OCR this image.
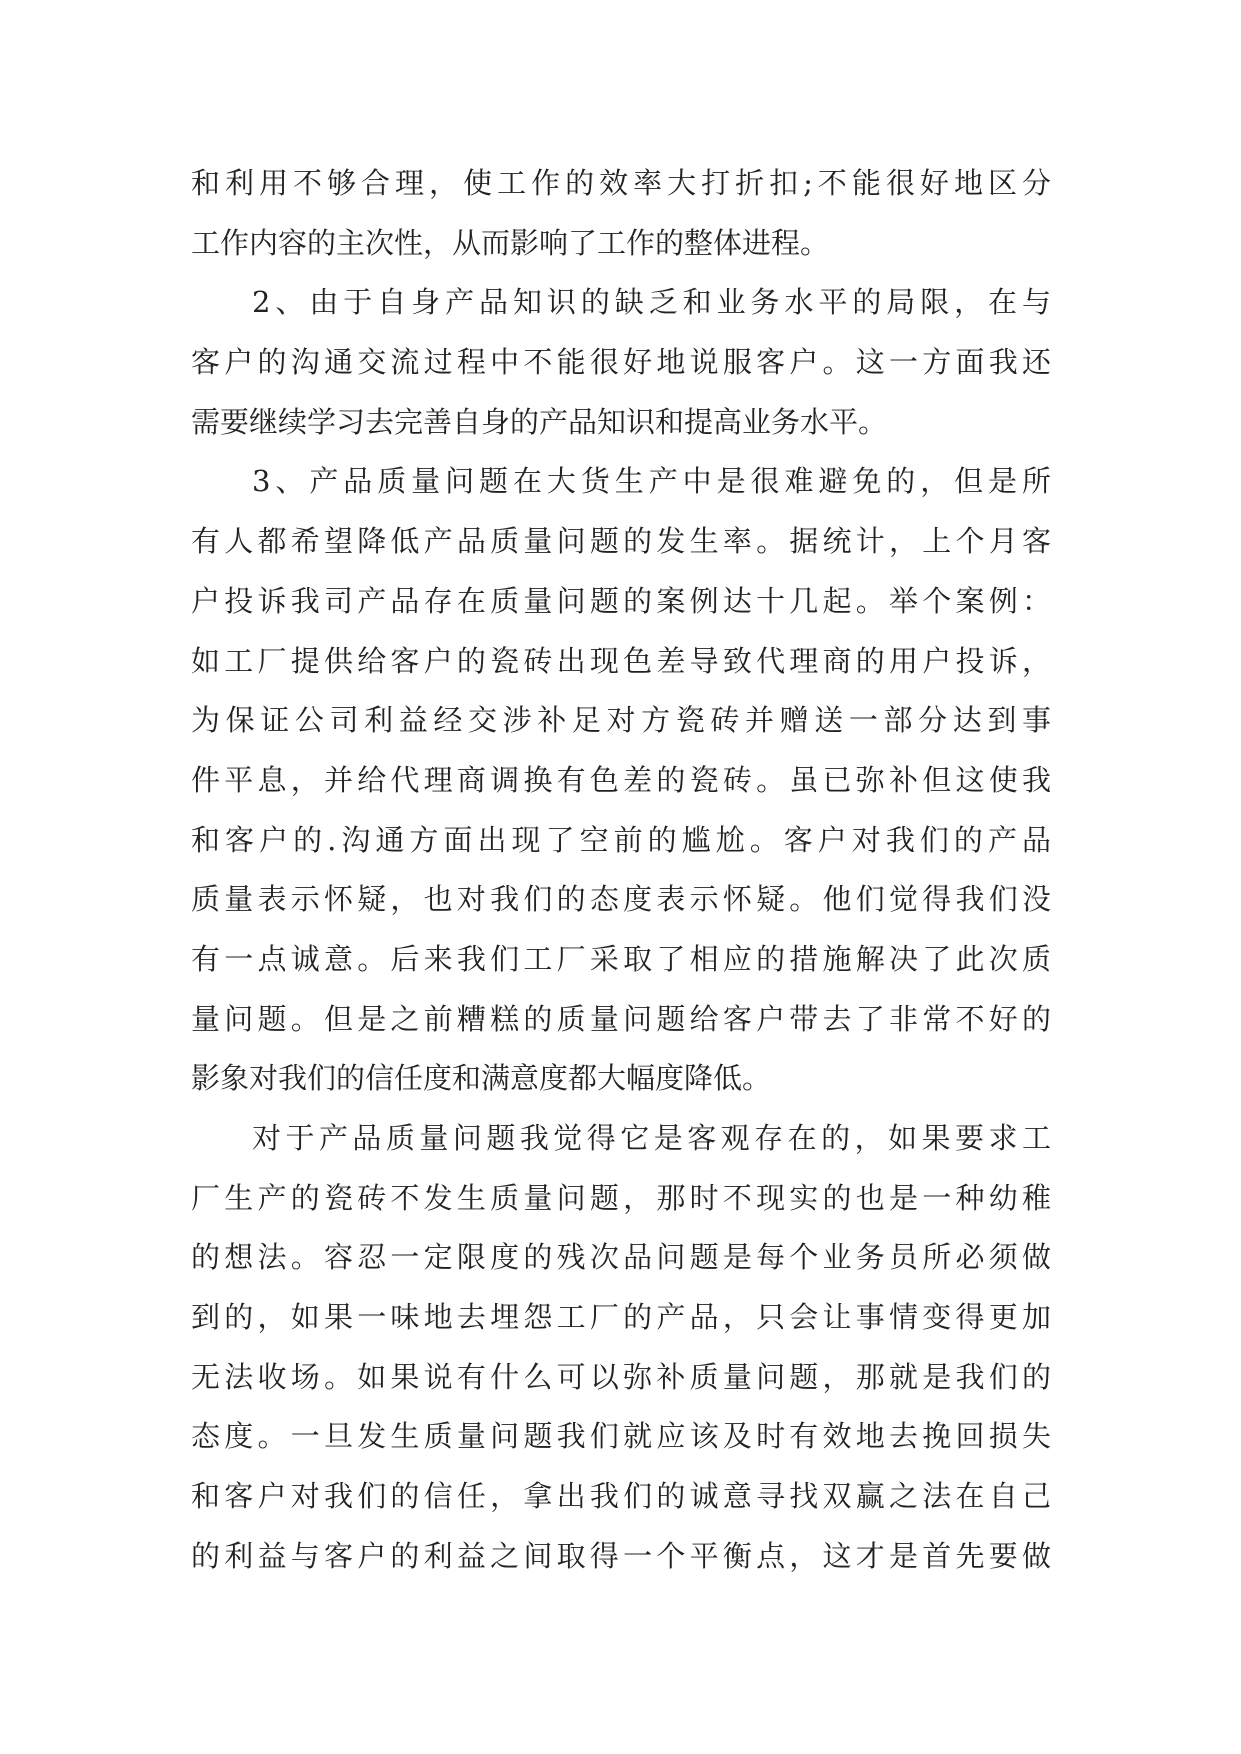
和利用不够合理，使工作的效率大打折扣;不能很好地区分
工作内容的主次性，从而影响了工作的整体进程。
2、由于自身产品知识的缺乏和业务水平的局限，在与
客户的沟通交流过程中不能很好地说服客户。这一方面我还
需要继续学习去完善自身的产品知识和提高业务水平。
3、产品质量问题在大货生产中是很难避免的，但是所
有人都希望降低产品质量问题的发生率。据统计，上个月客
户投诉我司产品存在质量问题的案例达十几起。举个案例：
如工厂提供给客户的瓷砖出现色差导致代理商的用户投诉，
为保证公司利益经交涉补足对方瓷砖并赠送一部分达到事
件平息，并给代理商调换有色差的瓷砖。虽已弥补但这使我
和客户的.沟通方面出现了空前的尴尬。客户对我们的产品
质量表示怀疑，也对我们的态度表示怀疑。他们觉得我们没
有一点诚意。后来我们工厂采取了相应的措施解决了此次质
量问题。但是之前糟糕的质量问题给客户带去了非常不好的
影象对我们的信任度和满意度都大幅度降低。
对于产品质量问题我觉得它是客观存在的，如果要求工
厂生产的瓷砖不发生质量问题，那时不现实的也是一种幼稚
的想法。容忍一定限度的残次品问题是每个业务员所必须做
到的，如果一味地去埋怨工厂的产品，只会让事情变得更加
无法收场。如果说有什么可以弥补质量问题，那就是我们的
态度。一旦发生质量问题我们就应该及时有效地去挽回损失
和客户对我们的信任，拿出我们的诚意寻找双赢之法在自己
的利益与客户的利益之间取得一个平衡点，这才是首先要做
